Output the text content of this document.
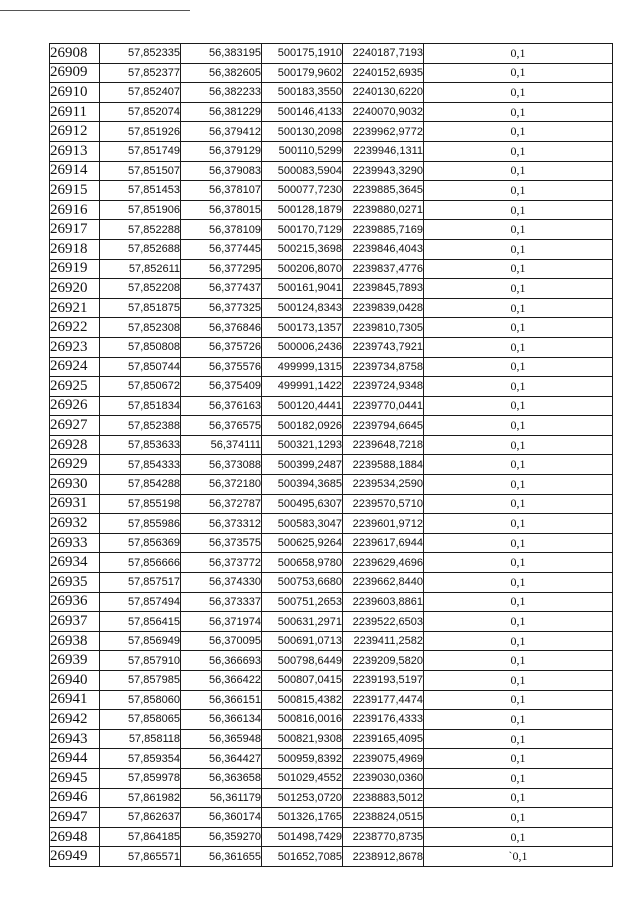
26908	57,852335	56,383195	500175,1910	2240187,7193	0,1
26909	57,852377	56,382605	500179,9602	2240152,6935	0,1
26910	57,852407	56,382233	500183,3550	2240130,6220	0,1
26911	57,852074	56,381229	500146,4133	2240070,9032	0,1
26912	57,851926	56,379412	500130,2098	2239962,9772	0,1
26913	57,851749	56,379129	500110,5299	2239946,1311	0,1
26914	57,851507	56,379083	500083,5904	2239943,3290	0,1
26915	57,851453	56,378107	500077,7230	2239885,3645	0,1
26916	57,851906	56,378015	500128,1879	2239880,0271	0,1
26917	57,852288	56,378109	500170,7129	2239885,7169	0,1
26918	57,852688	56,377445	500215,3698	2239846,4043	0,1
26919	57,852611	56,377295	500206,8070	2239837,4776	0,1
26920	57,852208	56,377437	500161,9041	2239845,7893	0,1
26921	57,851875	56,377325	500124,8343	2239839,0428	0,1
26922	57,852308	56,376846	500173,1357	2239810,7305	0,1
26923	57,850808	56,375726	500006,2436	2239743,7921	0,1
26924	57,850744	56,375576	499999,1315	2239734,8758	0,1
26925	57,850672	56,375409	499991,1422	2239724,9348	0,1
26926	57,851834	56,376163	500120,4441	2239770,0441	0,1
26927	57,852388	56,376575	500182,0926	2239794,6645	0,1
26928	57,853633	56,374111	500321,1293	2239648,7218	0,1
26929	57,854333	56,373088	500399,2487	2239588,1884	0,1
26930	57,854288	56,372180	500394,3685	2239534,2590	0,1
26931	57,855198	56,372787	500495,6307	2239570,5710	0,1
26932	57,855986	56,373312	500583,3047	2239601,9712	0,1
26933	57,856369	56,373575	500625,9264	2239617,6944	0,1
26934	57,856666	56,373772	500658,9780	2239629,4696	0,1
26935	57,857517	56,374330	500753,6680	2239662,8440	0,1
26936	57,857494	56,373337	500751,2653	2239603,8861	0,1
26937	57,856415	56,371974	500631,2971	2239522,6503	0,1
26938	57,856949	56,370095	500691,0713	2239411,2582	0,1
26939	57,857910	56,366693	500798,6449	2239209,5820	0,1
26940	57,857985	56,366422	500807,0415	2239193,5197	0,1
26941	57,858060	56,366151	500815,4382	2239177,4474	0,1
26942	57,858065	56,366134	500816,0016	2239176,4333	0,1
26943	57,858118	56,365948	500821,9308	2239165,4095	0,1
26944	57,859354	56,364427	500959,8392	2239075,4969	0,1
26945	57,859978	56,363658	501029,4552	2239030,0360	0,1
26946	57,861982	56,361179	501253,0720	2238883,5012	0,1
26947	57,862637	56,360174	501326,1765	2238824,0515	0,1
26948	57,864185	56,359270	501498,7429	2238770,8735	0,1
26949	57,865571	56,361655	501652,7085	2238912,8678	`0,1
